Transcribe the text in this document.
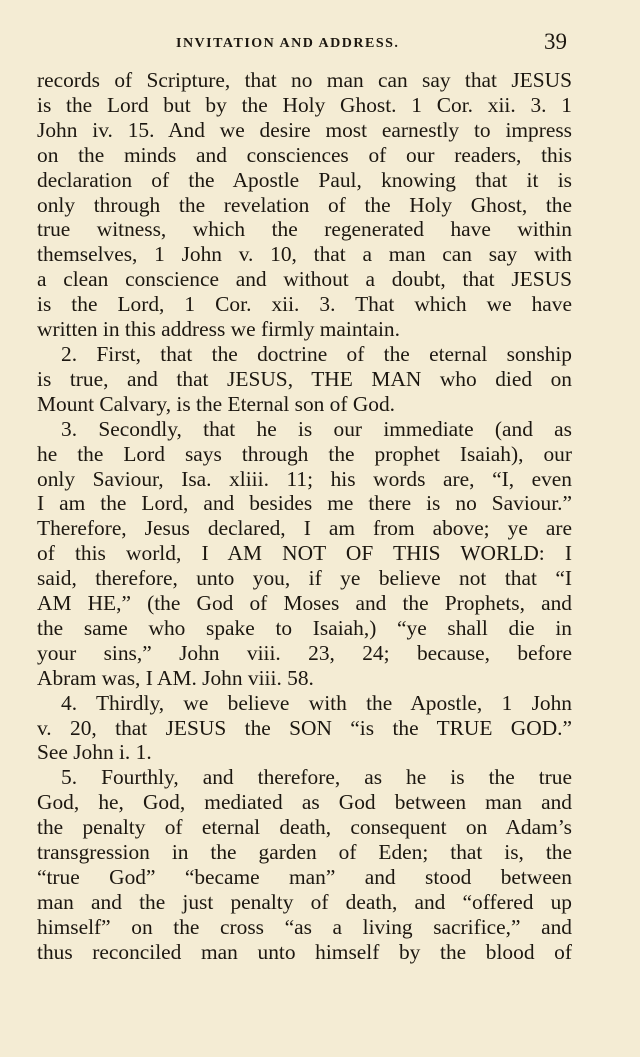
INVITATION AND ADDRESS.	39
records of Scripture, that no man can say that JESUS
is the Lord but by the Holy Ghost. 1 Cor. xii. 3. 1
John iv. 15. And we desire most earnestly to impress
on the minds and consciences of our readers, this
declaration of the Apostle Paul, knowing that it is
only through the revelation of the Holy Ghost, the
true witness, which the regenerated have within
themselves, 1 John v. 10, that a man can say with
a clean conscience and without a doubt, that JESUS
is the Lord, 1 Cor. xii. 3. That which we have
written in this address we firmly maintain.
2. First, that the doctrine of the eternal sonship
is true, and that JESUS, THE MAN who died on
Mount Calvary, is the Eternal son of God.
3. Secondly, that he is our immediate (and as
he the Lord says through the prophet Isaiah), our
only Saviour, Isa. xliii. 11; his words are, “I, even
I am the Lord, and besides me there is no Saviour.”
Therefore, Jesus declared, I am from above; ye are
of this world, I AM NOT OF THIS WORLD: I
said, therefore, unto you, if ye believe not that “I
AM HE,” (the God of Moses and the Prophets, and
the same who spake to Isaiah,) “ye shall die in
your sins,” John viii. 23, 24; because, before
Abram was, I AM. John viii. 58.
4. Thirdly, we believe with the Apostle, 1 John
v. 20, that JESUS the SON “is the TRUE GOD.”
See John i. 1.
5. Fourthly, and therefore, as he is the true
God, he, God, mediated as God between man and
the penalty of eternal death, consequent on Adam’s
transgression in the garden of Eden; that is, the
“true God” “became man” and stood between
man and the just penalty of death, and “offered up
himself” on the cross “as a living sacrifice,” and
thus reconciled man unto himself by the blood of
